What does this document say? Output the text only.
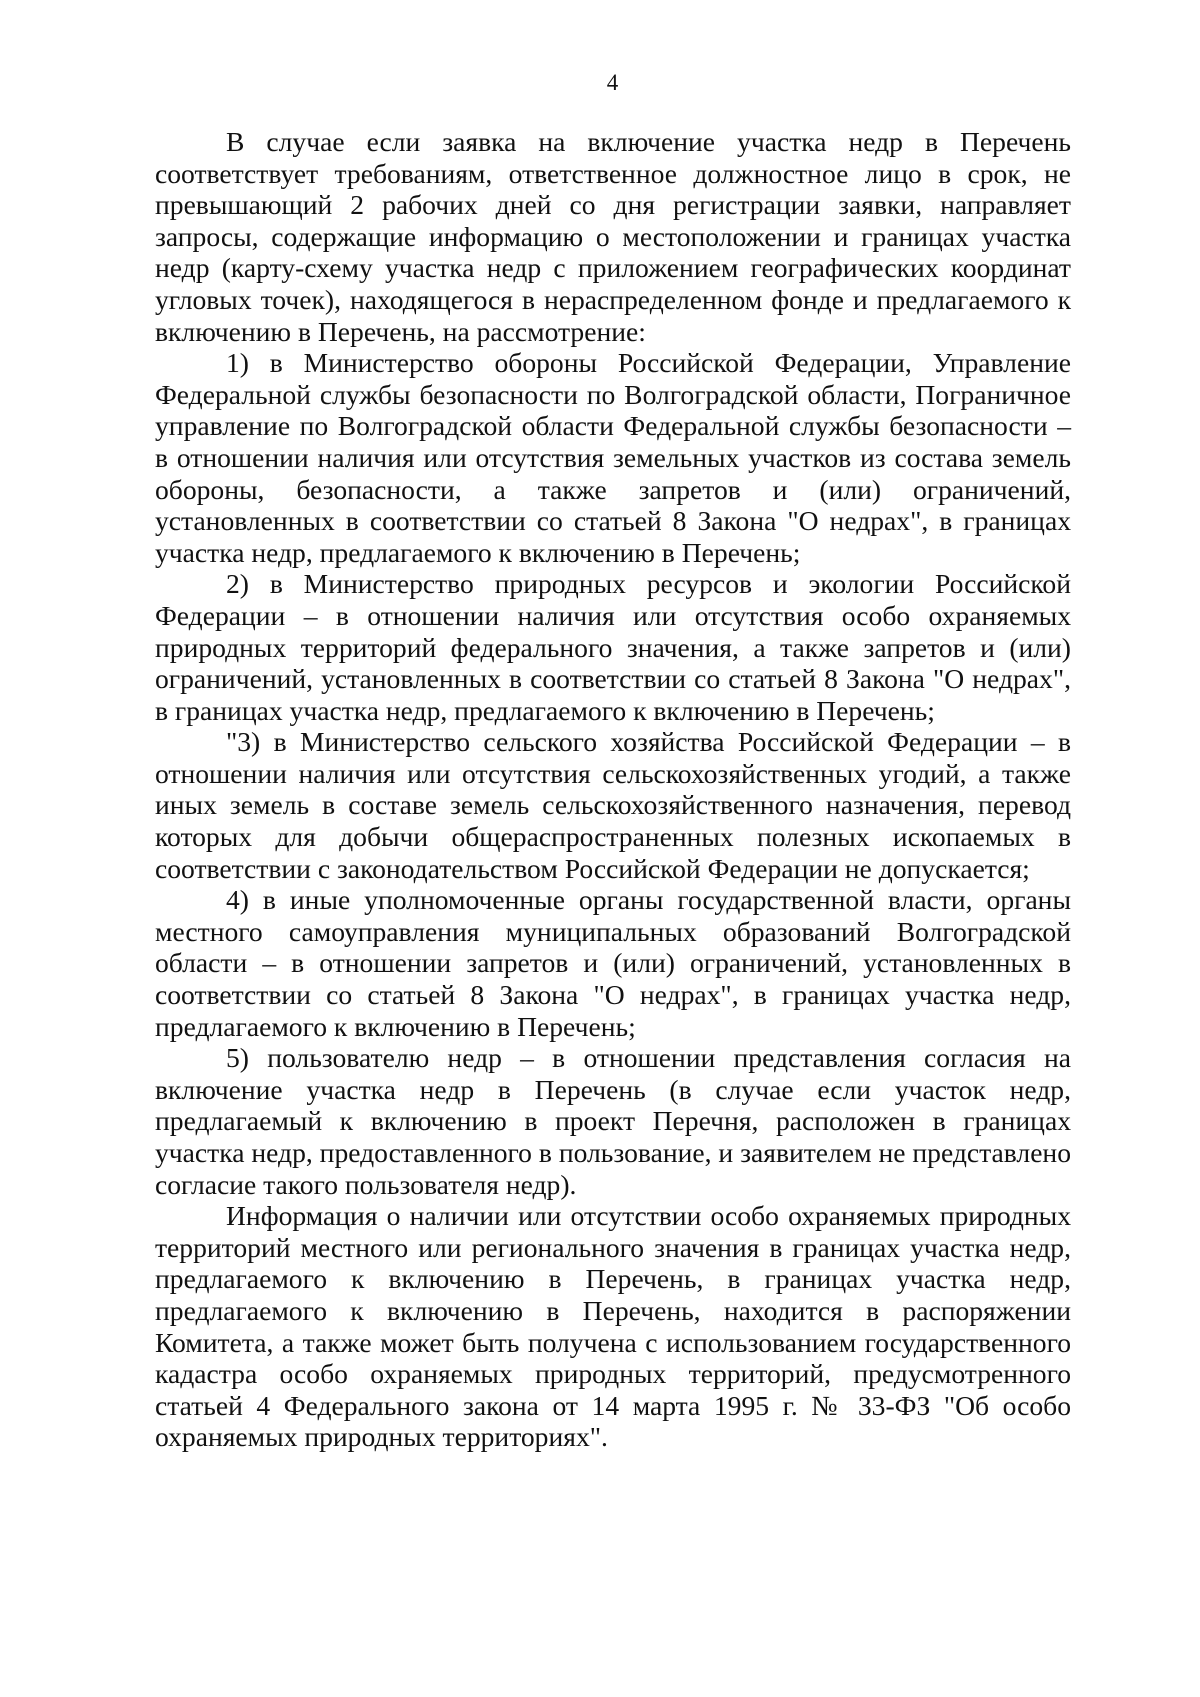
4

В случае если заявка на включение участка недр в Перечень соответствует требованиям, ответственное должностное лицо в срок, не превышающий 2 рабочих дней со дня регистрации заявки, направляет запросы, содержащие информацию о местоположении и границах участка недр (карту-схему участка недр с приложением географических координат угловых точек), находящегося в нераспределенном фонде и предлагаемого к включению в Перечень, на рассмотрение:

1) в Министерство обороны Российской Федерации, Управление Федеральной службы безопасности по Волгоградской области, Пограничное управление по Волгоградской области Федеральной службы безопасности – в отношении наличия или отсутствия земельных участков из состава земель обороны, безопасности, а также запретов и (или) ограничений, установленных в соответствии со статьей 8 Закона "О недрах", в границах участка недр, предлагаемого к включению в Перечень;

2) в Министерство природных ресурсов и экологии Российской Федерации – в отношении наличия или отсутствия особо охраняемых природных территорий федерального значения, а также запретов и (или) ограничений, установленных в соответствии со статьей 8 Закона "О недрах", в границах участка недр, предлагаемого к включению в Перечень;

"3) в Министерство сельского хозяйства Российской Федерации – в отношении наличия или отсутствия сельскохозяйственных угодий, а также иных земель в составе земель сельскохозяйственного назначения, перевод которых для добычи общераспространенных полезных ископаемых в соответствии с законодательством Российской Федерации не допускается;

4) в иные уполномоченные органы государственной власти, органы местного самоуправления муниципальных образований Волгоградской области – в отношении запретов и (или) ограничений, установленных в соответствии со статьей 8 Закона "О недрах", в границах участка недр, предлагаемого к включению в Перечень;

5) пользователю недр – в отношении представления согласия на включение участка недр в Перечень (в случае если участок недр, предлагаемый к включению в проект Перечня, расположен в границах участка недр, предоставленного в пользование, и заявителем не представлено согласие такого пользователя недр).

Информация о наличии или отсутствии особо охраняемых природных территорий местного или регионального значения в границах участка недр, предлагаемого к включению в Перечень, в границах участка недр, предлагаемого к включению в Перечень, находится в распоряжении Комитета, а также может быть получена с использованием государственного кадастра особо охраняемых природных территорий, предусмотренного статьей 4 Федерального закона от 14 марта 1995 г. № 33-ФЗ "Об особо охраняемых природных территориях".
